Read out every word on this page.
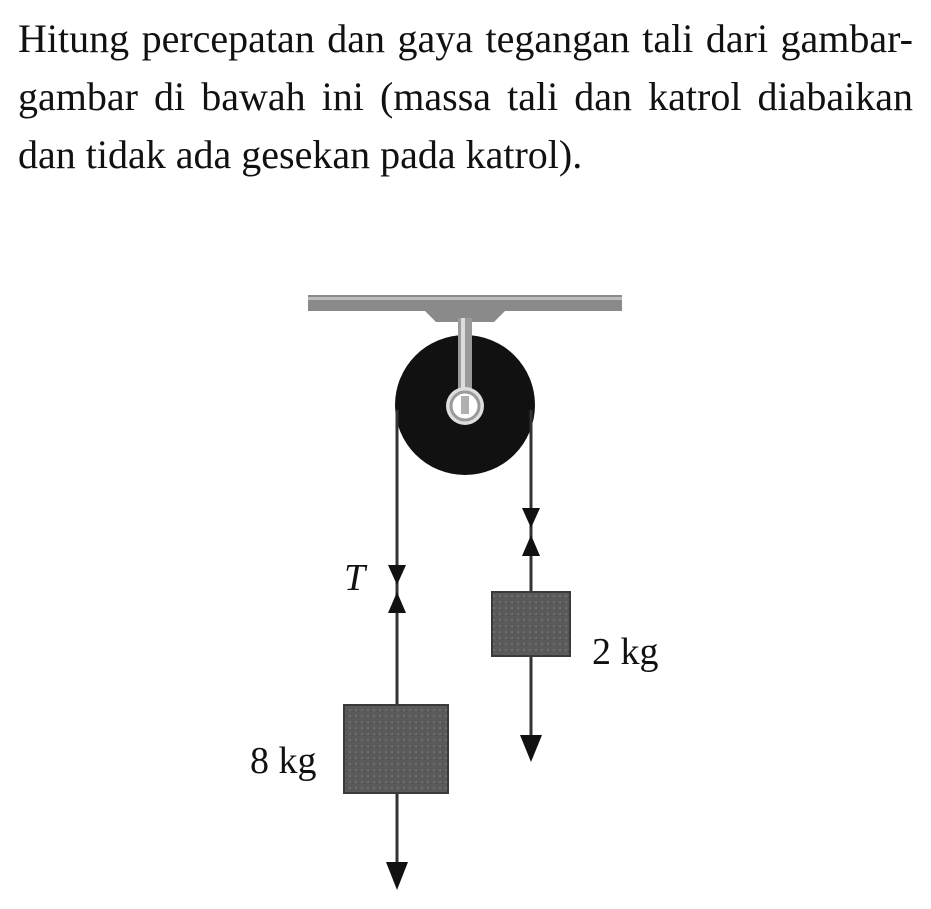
Hitung percepatan dan gaya tegangan tali dari gambar-gambar di bawah ini (massa tali dan katrol diabaikan dan tidak ada gesekan pada katrol).

T
2 kg
8 kg
